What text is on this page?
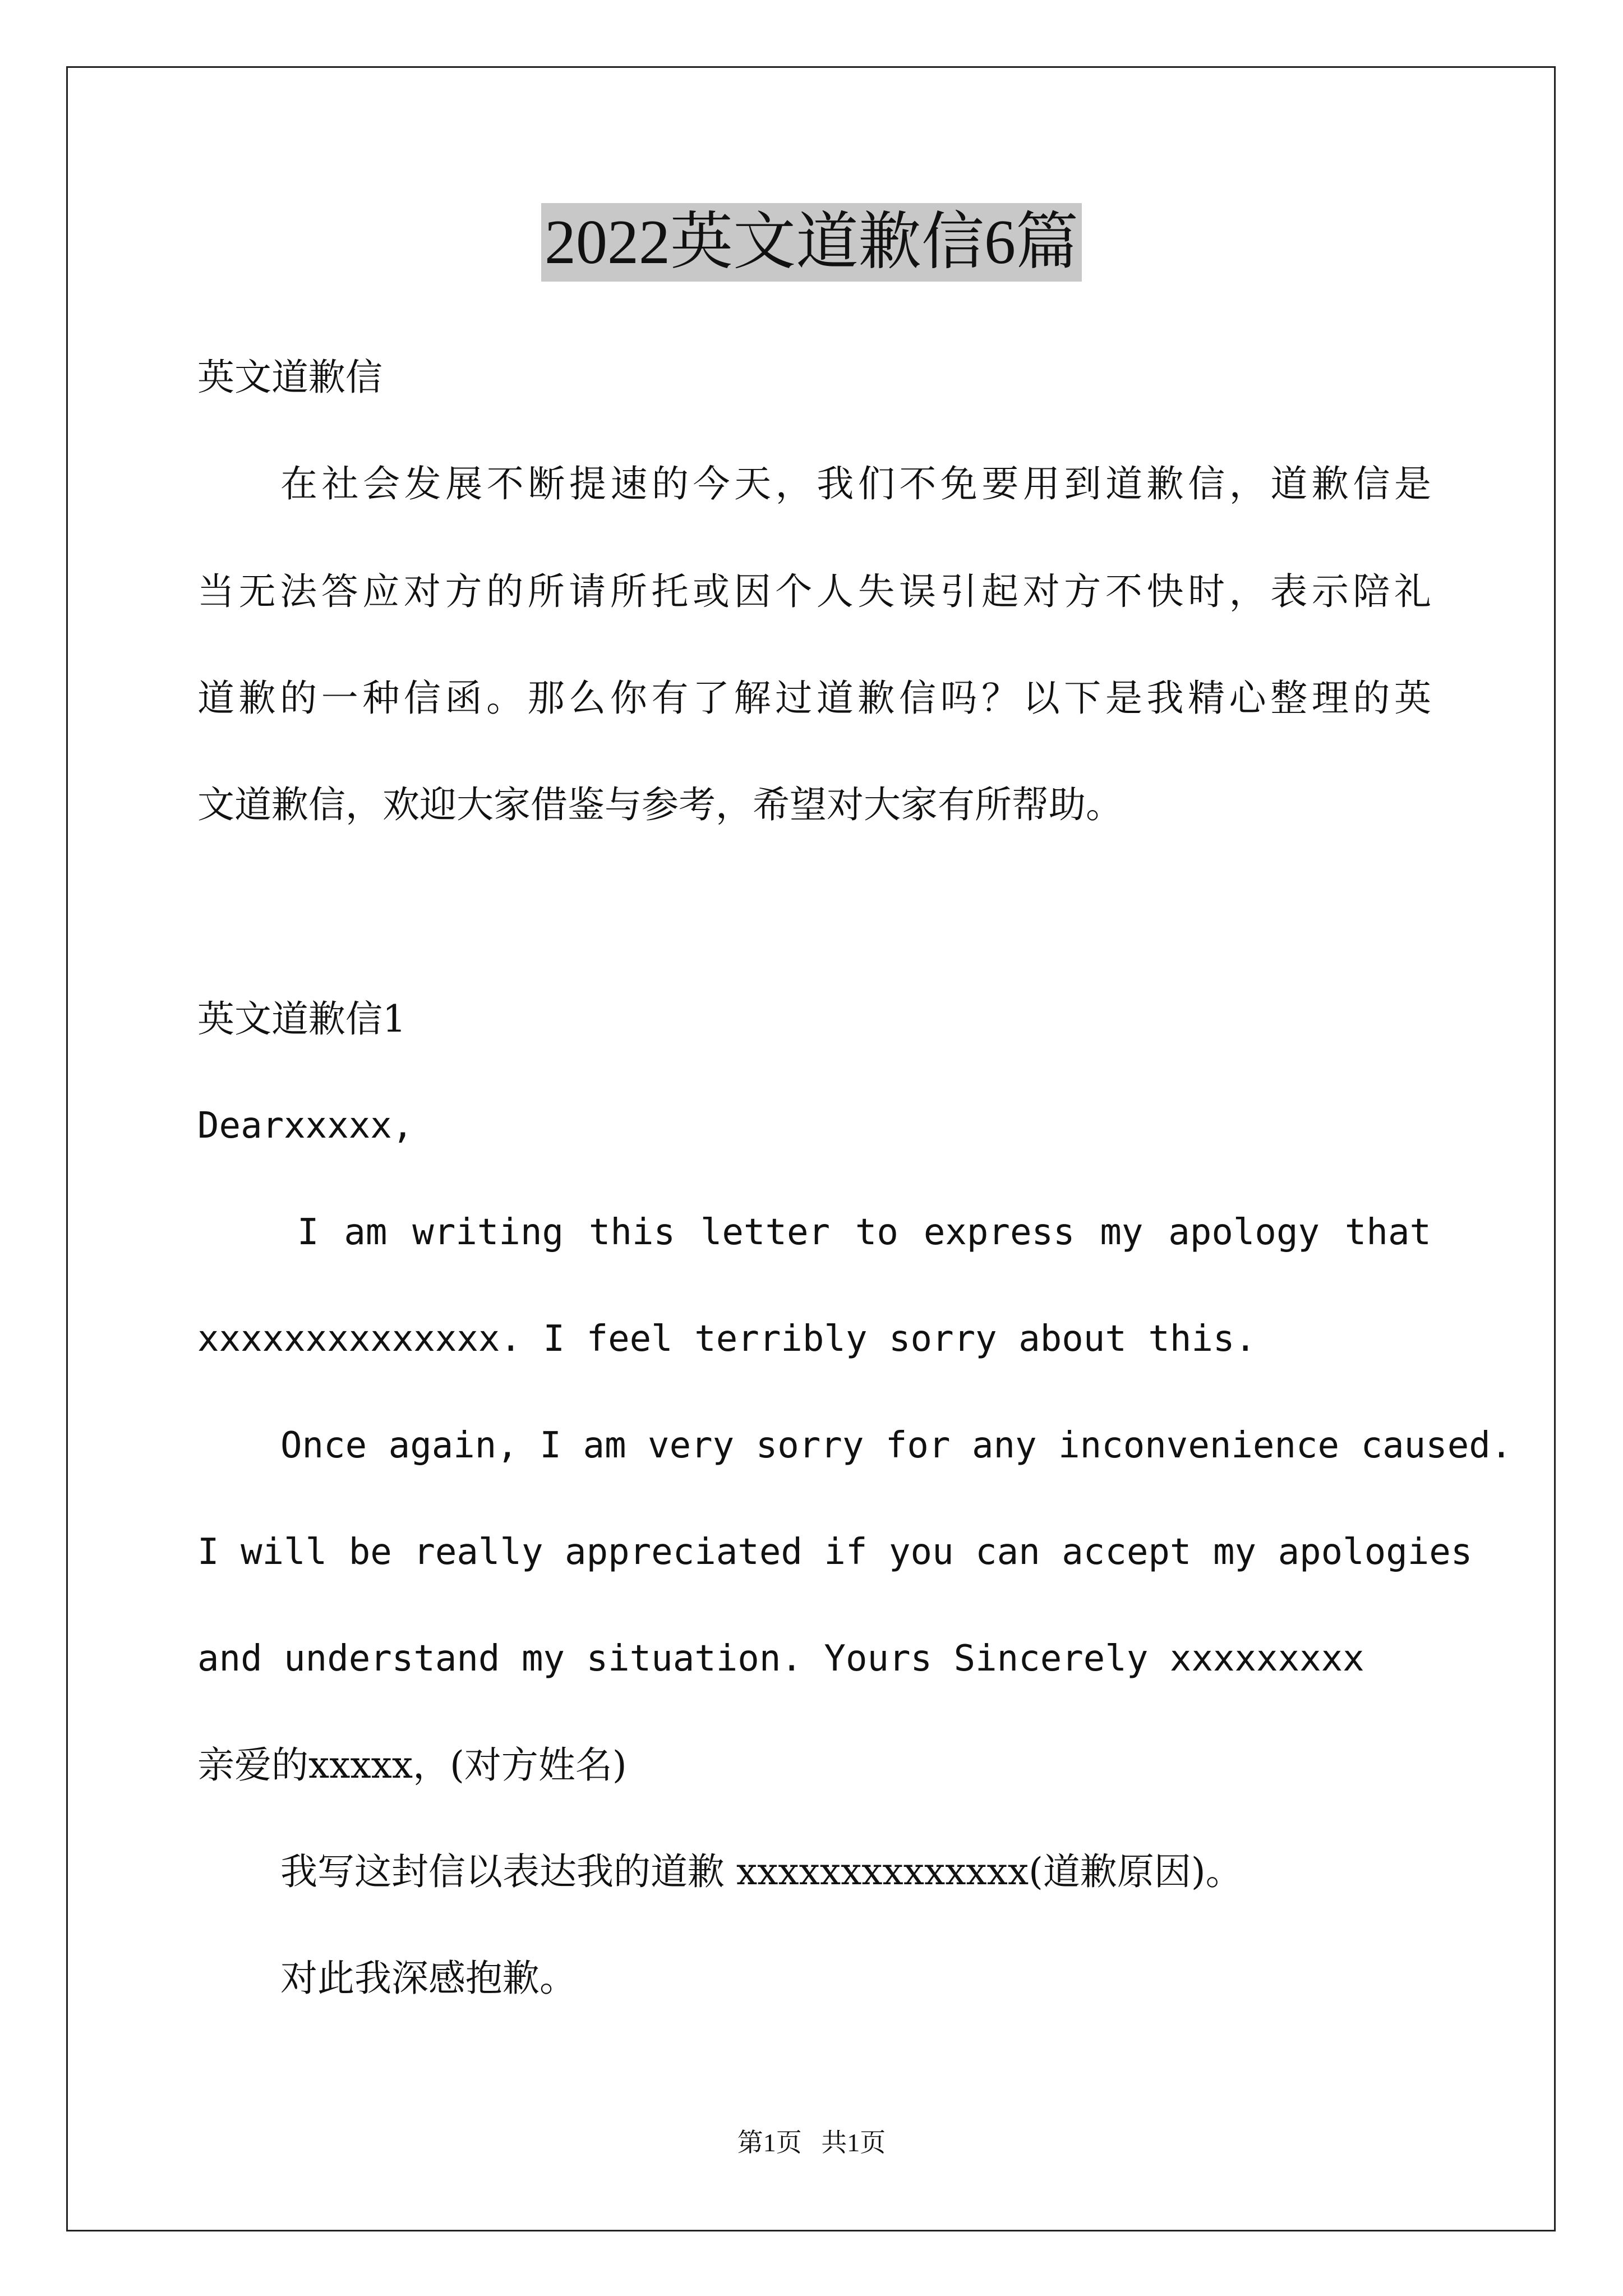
2022英文道歉信6篇
英文道歉信
在社会发展不断提速的今天，我们不免要用到道歉信，道歉信是
当无法答应对方的所请所托或因个人失误引起对方不快时，表示陪礼
道歉的一种信函。那么你有了解过道歉信吗？以下是我精心整理的英
文道歉信，欢迎大家借鉴与参考，希望对大家有所帮助。
英文道歉信1
Dearxxxxx,
I am writing this letter to express my apology that
xxxxxxxxxxxxxx. I feel terribly sorry about this.
Once again, I am very sorry for any inconvenience caused.
I will be really appreciated if you can accept my apologies
and understand my situation. Yours Sincerely xxxxxxxxx
亲爱的xxxxx，(对方姓名)
我写这封信以表达我的道歉 xxxxxxxxxxxxxx(道歉原因)。
对此我深感抱歉。
第1页   共1页
